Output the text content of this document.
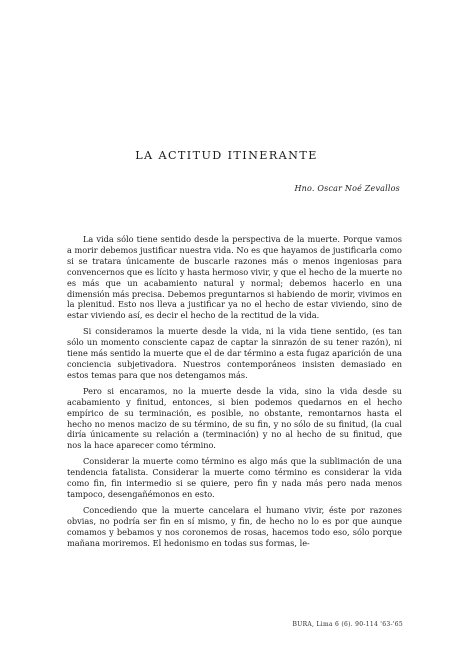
LA ACTITUD ITINERANTE
Hno. Oscar Noé Zevallos

La vida sólo tiene sentido desde la perspectiva de la muerte. Porque vamos a morir debemos justificar nuestra vida. No es que hayamos de justificarla como si se tratara únicamente de buscarle razones más o menos ingeniosas para convencernos que es lícito y hasta hermoso vivir, y que el hecho de la muerte no es más que un acabamiento natural y normal; debemos hacerlo en una dimensión más precisa. Debemos preguntarnos si habiendo de morir, vivimos en la plenitud. Esto nos lleva a justificar ya no el hecho de estar viviendo, sino de estar viviendo así, es decir el hecho de la rectitud de la vida.

Si consideramos la muerte desde la vida, ni la vida tiene sentido, (es tan sólo un momento consciente capaz de captar la sinrazón de su tener razón), ni tiene más sentido la muerte que el de dar término a esta fugaz aparición de una conciencia subjetivadora. Nuestros contemporáneos insisten demasiado en estos temas para que nos detengamos más.

Pero si encaramos, no la muerte desde la vida, sino la vida desde su acabamiento y finitud, entonces, si bien podemos quedarnos en el hecho empírico de su terminación, es posible, no obstante, remontarnos hasta el hecho no menos macizo de su término, de su fin, y no sólo de su finitud, (la cual diría únicamente su relación a (terminación) y no al hecho de su finitud, que nos la hace aparecer como término.

Considerar la muerte como término es algo más que la sublimación de una tendencia fatalista. Considerar la muerte como término es considerar la vida como fin, fin intermedio si se quiere, pero fin y nada más pero nada menos tampoco, desengañémonos en esto.

Concediendo que la muerte cancelara el humano vivir, éste por razones obvias, no podría ser fin en sí mismo, y fin, de hecho no lo es por que aunque comamos y bebamos y nos coronemos de rosas, hacemos todo eso, sólo porque mañana moriremos. El hedonismo en todas sus formas, le-

BURA, Lima 6 (6). 90-114 '63-'65
